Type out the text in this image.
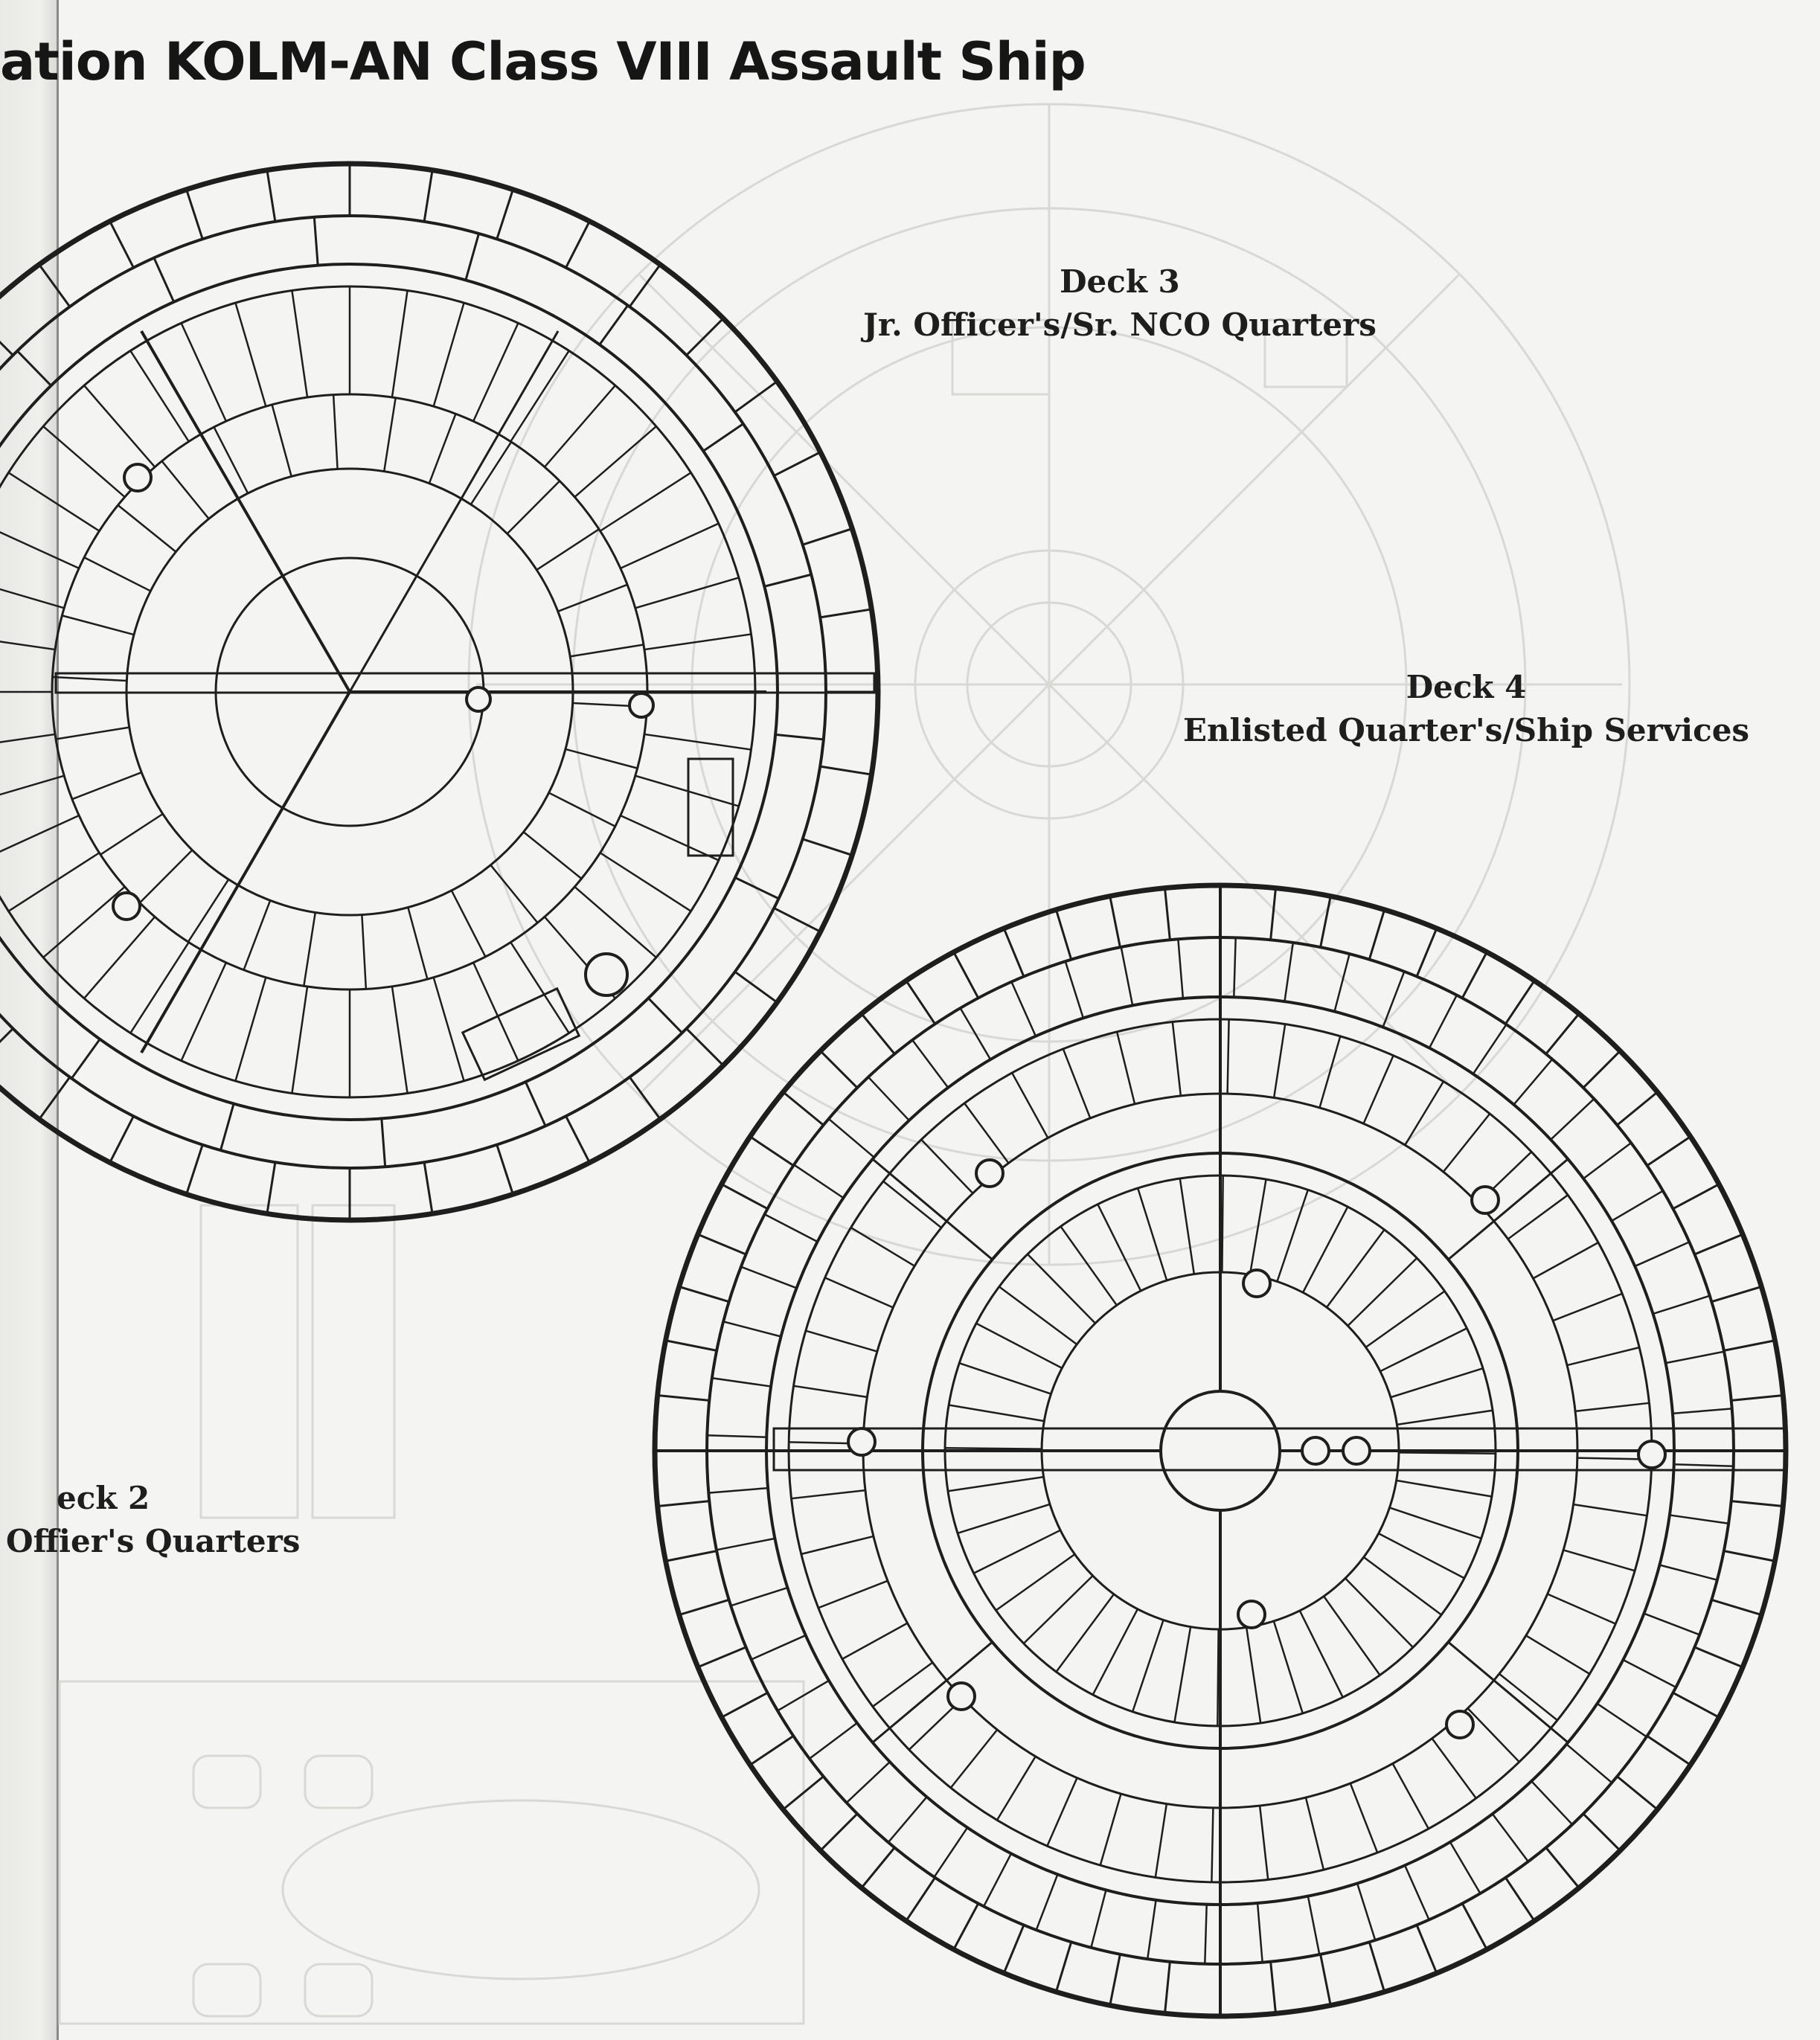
ation KOLM-AN Class VIII Assault Ship
Deck 3
Jr. Officer's/Sr. NCO Quarters
Deck 4
Enlisted Quarter's/Ship Services
eck 2
Offier's Quarters
